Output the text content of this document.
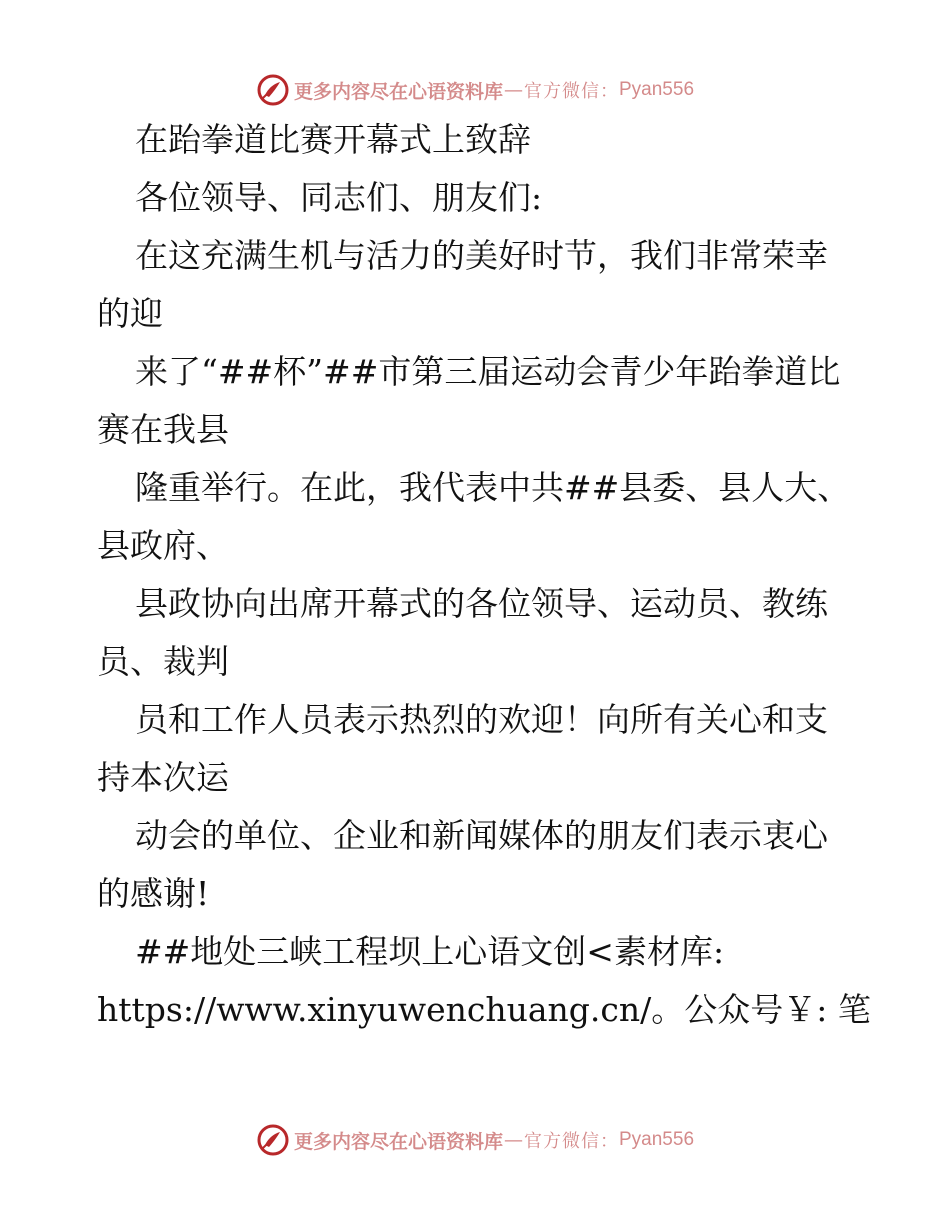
更多内容尽在心语资料库 — 官方微信： Pyan556
在跆拳道比赛开幕式上致辞
各位领导、同志们、朋友们:
在这充满生机与活力的美好时节，我们非常荣幸
的迎
来了“##杯”##市第三届运动会青少年跆拳道比
赛在我县
隆重举行。在此，我代表中共##县委、县人大、
县政府、
县政协向出席开幕式的各位领导、运动员、教练
员、裁判
员和工作人员表示热烈的欢迎！向所有关心和支
持本次运
动会的单位、企业和新闻媒体的朋友们表示衷心
的感谢!
##地处三峡工程坝上心语文创<素材库:
https://www.xinyuwenchuang.cn/。公众号￥: 笔
更多内容尽在心语资料库 — 官方微信： Pyan556
